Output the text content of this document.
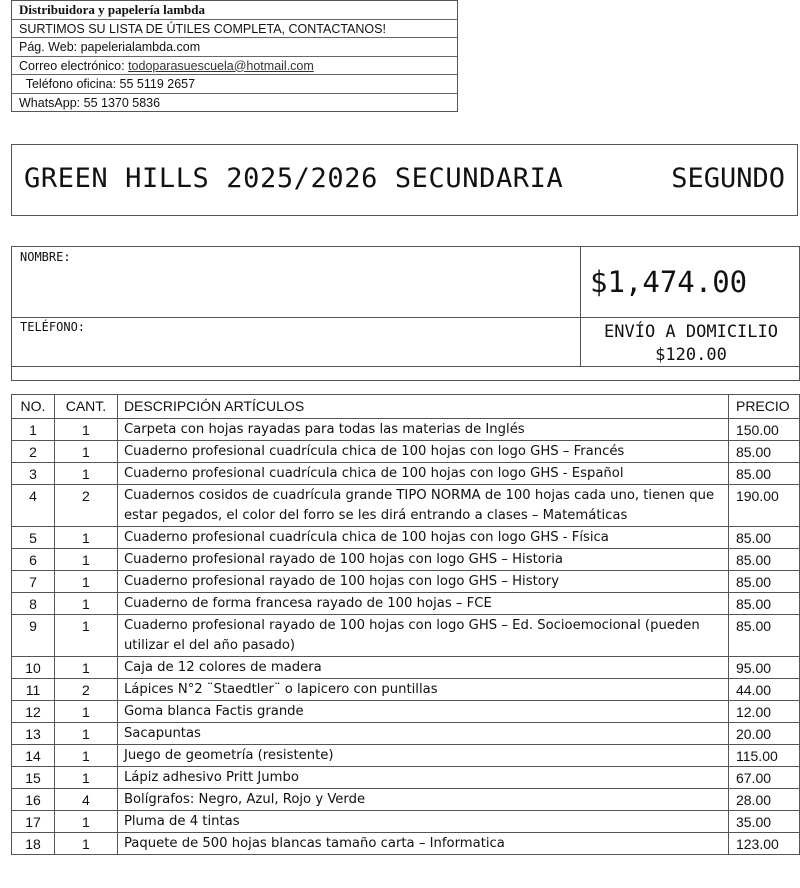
Distribuidora y papelería lambda
SURTIMOS SU LISTA DE ÚTILES COMPLETA, CONTACTANOS!
Pág. Web: papelerialambda.com
Correo electrónico: todoparasuescuela@hotmail.com
Teléfono oficina: 55 5119 2657
WhatsApp: 55 1370 5836
GREEN HILLS 2025/2026 SECUNDARIA	SEGUNDO
NOMBRE:
TELÉFONO:
$1,474.00
ENVÍO A DOMICILIO
$120.00
NO.	CANT.	DESCRIPCIÓN ARTÍCULOS	PRECIO
1	1	Carpeta con hojas rayadas para todas las materias de Inglés	150.00
2	1	Cuaderno profesional cuadrícula chica de 100 hojas con logo GHS – Francés	85.00
3	1	Cuaderno profesional cuadrícula chica de 100 hojas con logo GHS - Español	85.00
4	2	Cuadernos cosidos de cuadrícula grande TIPO NORMA de 100 hojas cada uno, tienen que estar pegados, el color del forro se les dirá entrando a clases – Matemáticas	190.00
5	1	Cuaderno profesional cuadrícula chica de 100 hojas con logo GHS - Física	85.00
6	1	Cuaderno profesional rayado de 100 hojas con logo GHS – Historia	85.00
7	1	Cuaderno profesional rayado de 100 hojas con logo GHS – History	85.00
8	1	Cuaderno de forma francesa rayado de 100 hojas – FCE	85.00
9	1	Cuaderno profesional rayado de 100 hojas con logo GHS – Ed. Socioemocional (pueden utilizar el del año pasado)	85.00
10	1	Caja de 12 colores de madera	95.00
11	2	Lápices N°2 ¨Staedtler¨ o lapicero con puntillas	44.00
12	1	Goma blanca Factis grande	12.00
13	1	Sacapuntas	20.00
14	1	Juego de geometría (resistente)	115.00
15	1	Lápiz adhesivo Pritt Jumbo	67.00
16	4	Bolígrafos: Negro, Azul, Rojo y Verde	28.00
17	1	Pluma de 4 tintas	35.00
18	1	Paquete de 500 hojas blancas tamaño carta – Informatica	123.00
